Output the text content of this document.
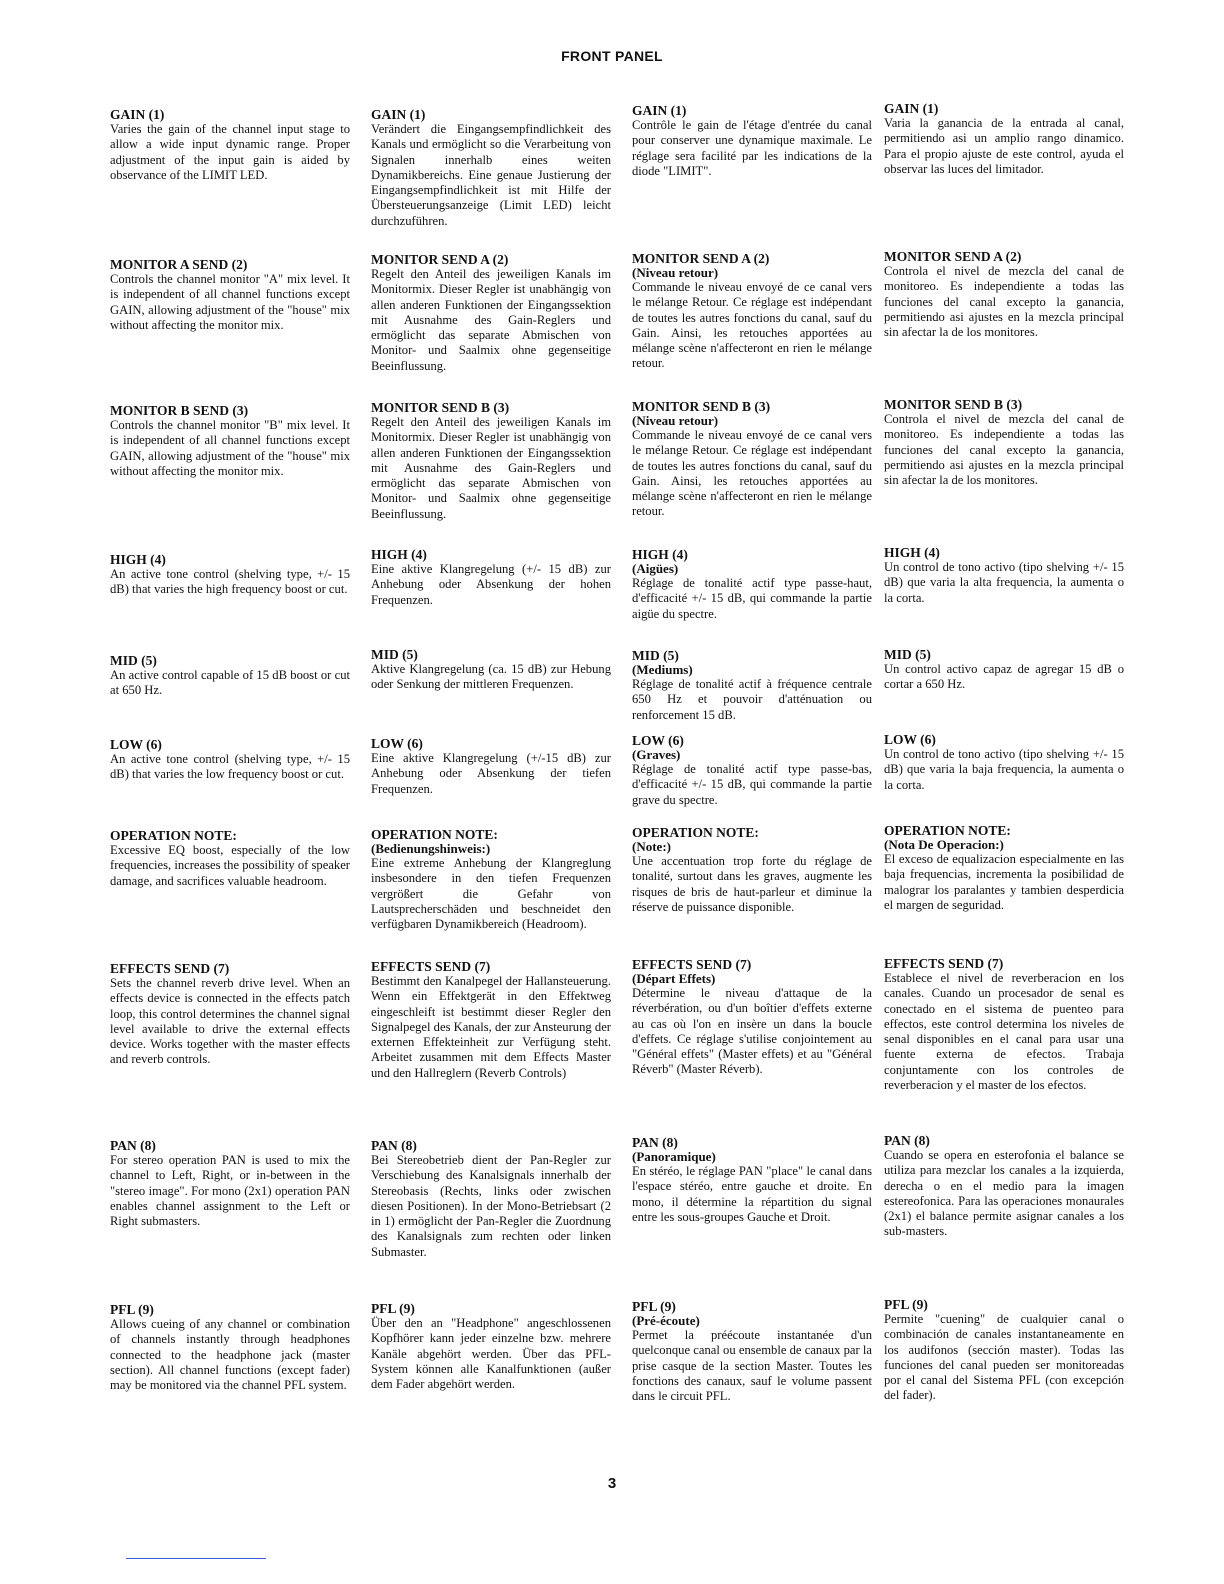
FRONT PANEL
GAIN (1)
Varies the gain of the channel input stage to allow a wide input dynamic range. Proper adjustment of the input gain is aided by observance of the LIMIT LED.
MONITOR A SEND (2)
Controls the channel monitor "A" mix level. It is independent of all channel functions except GAIN, allowing adjustment of the "house" mix without affecting the monitor mix.
MONITOR B SEND (3)
Controls the channel monitor "B" mix level. It is independent of all channel functions except GAIN, allowing adjustment of the "house" mix without affecting the monitor mix.
HIGH (4)
An active tone control (shelving type, +/- 15 dB) that varies the high frequency boost or cut.
MID (5)
An active control capable of 15 dB boost or cut at 650 Hz.
LOW (6)
An active tone control (shelving type, +/- 15 dB) that varies the low frequency boost or cut.
OPERATION NOTE:
Excessive EQ boost, especially of the low frequencies, increases the possibility of speaker damage, and sacrifices valuable headroom.
EFFECTS SEND (7)
Sets the channel reverb drive level. When an effects device is connected in the effects patch loop, this control determines the channel signal level available to drive the external effects device. Works together with the master effects and reverb controls.
PAN (8)
For stereo operation PAN is used to mix the channel to Left, Right, or in-between in the "stereo image". For mono (2x1) operation PAN enables channel assignment to the Left or Right submasters.
PFL (9)
Allows cueing of any channel or combination of channels instantly through headphones connected to the headphone jack (master section). All channel functions (except fader) may be monitored via the channel PFL system.
GAIN (1)
Verändert die Eingangsempfindlichkeit des Kanals und ermöglicht so die Verarbeitung von Signalen innerhalb eines weiten Dynamikbereichs. Eine genaue Justierung der Eingangsempfindlichkeit ist mit Hilfe der Übersteuerungsanzeige (Limit LED) leicht durchzuführen.
MONITOR SEND A (2)
Regelt den Anteil des jeweiligen Kanals im Monitormix. Dieser Regler ist unabhängig von allen anderen Funktionen der Eingangssektion mit Ausnahme des Gain-Reglers und ermöglicht das separate Abmischen von Monitor- und Saalmix ohne gegenseitige Beeinflussung.
MONITOR SEND B (3)
Regelt den Anteil des jeweiligen Kanals im Monitormix. Dieser Regler ist unabhängig von allen anderen Funktionen der Eingangssektion mit Ausnahme des Gain-Reglers und ermöglicht das separate Abmischen von Monitor- und Saalmix ohne gegenseitige Beeinflussung.
HIGH (4)
Eine aktive Klangregelung (+/- 15 dB) zur Anhebung oder Absenkung der hohen Frequenzen.
MID (5)
Aktive Klangregelung (ca. 15 dB) zur Hebung oder Senkung der mittleren Frequenzen.
LOW (6)
Eine aktive Klangregelung (+/-15 dB) zur Anhebung oder Absenkung der tiefen Frequenzen.
OPERATION NOTE:
(Bedienungshinweis:)
Eine extreme Anhebung der Klangreglung insbesondere in den tiefen Frequenzen vergrößert die Gefahr von Lautsprecherschäden und beschneidet den verfügbaren Dynamikbereich (Headroom).
EFFECTS SEND (7)
Bestimmt den Kanalpegel der Hallansteuerung. Wenn ein Effektgerät in den Effektweg eingeschleift ist bestimmt dieser Regler den Signalpegel des Kanals, der zur Ansteurung der externen Effekteinheit zur Verfügung steht. Arbeitet zusammen mit dem Effects Master und den Hallreglern (Reverb Controls)
PAN (8)
Bei Stereobetrieb dient der Pan-Regler zur Verschiebung des Kanalsignals innerhalb der Stereobasis (Rechts, links oder zwischen diesen Positionen). In der Mono-Betriebsart (2 in 1) ermöglicht der Pan-Regler die Zuordnung des Kanalsignals zum rechten oder linken Submaster.
PFL (9)
Über den an "Headphone" angeschlossenen Kopfhörer kann jeder einzelne bzw. mehrere Kanäle abgehört werden. Über das PFL-System können alle Kanalfunktionen (außer dem Fader abgehört werden.
GAIN (1)
Contrôle le gain de l'étage d'entrée du canal pour conserver une dynamique maximale. Le réglage sera facilité par les indications de la diode "LIMIT".
MONITOR SEND A (2)
(Niveau retour)
Commande le niveau envoyé de ce canal vers le mélange Retour. Ce réglage est indépendant de toutes les autres fonctions du canal, sauf du Gain. Ainsi, les retouches apportées au mélange scène n'affecteront en rien le mélange retour.
MONITOR SEND B (3)
(Niveau retour)
Commande le niveau envoyé de ce canal vers le mélange Retour. Ce réglage est indépendant de toutes les autres fonctions du canal, sauf du Gain. Ainsi, les retouches apportées au mélange scène n'affecteront en rien le mélange retour.
HIGH (4)
(Aigües)
Réglage de tonalité actif type passe-haut, d'efficacité +/- 15 dB, qui commande la partie aigüe du spectre.
MID (5)
(Mediums)
Réglage de tonalité actif à fréquence centrale 650 Hz et pouvoir d'atténuation ou renforcement 15 dB.
LOW (6)
(Graves)
Réglage de tonalité actif type passe-bas, d'efficacité +/- 15 dB, qui commande la partie grave du spectre.
OPERATION NOTE:
(Note:)
Une accentuation trop forte du réglage de tonalité, surtout dans les graves, augmente les risques de bris de haut-parleur et diminue la réserve de puissance disponible.
EFFECTS SEND (7)
(Départ Effets)
Détermine le niveau d'attaque de la réverbération, ou d'un boîtier d'effets externe au cas où l'on en insère un dans la boucle d'effets. Ce réglage s'utilise conjointement au "Général effets" (Master effets) et au "Général Réverb" (Master Réverb).
PAN (8)
(Panoramique)
En stéréo, le réglage PAN "place" le canal dans l'espace stéréo, entre gauche et droite. En mono, il détermine la répartition du signal entre les sous-groupes Gauche et Droit.
PFL (9)
(Pré-écoute)
Permet la préécoute instantanée d'un quelconque canal ou ensemble de canaux par la prise casque de la section Master. Toutes les fonctions des canaux, sauf le volume passent dans le circuit PFL.
GAIN (1)
Varia la ganancia de la entrada al canal, permitiendo asi un amplio rango dinamico. Para el propio ajuste de este control, ayuda el observar las luces del limitador.
MONITOR SEND A (2)
Controla el nivel de mezcla del canal de monitoreo. Es independiente a todas las funciones del canal excepto la ganancia, permitiendo asi ajustes en la mezcla principal sin afectar la de los monitores.
MONITOR SEND B (3)
Controla el nivel de mezcla del canal de monitoreo. Es independiente a todas las funciones del canal excepto la ganancia, permitiendo asi ajustes en la mezcla principal sin afectar la de los monitores.
HIGH (4)
Un control de tono activo (tipo shelving +/- 15 dB) que varia la alta frequencia, la aumenta o la corta.
MID (5)
Un control activo capaz de agregar 15 dB o cortar a 650 Hz.
LOW (6)
Un control de tono activo (tipo shelving +/- 15 dB) que varia la baja frequencia, la aumenta o la corta.
OPERATION NOTE:
(Nota De Operacion:)
El exceso de equalizacion especialmente en las baja frequencias, incrementa la posibilidad de malograr los paralantes y tambien desperdicia el margen de seguridad.
EFFECTS SEND (7)
Establece el nivel de reverberacion en los canales. Cuando un procesador de senal es conectado en el sistema de puenteo para effectos, este control determina los niveles de senal disponibles en el canal para usar una fuente externa de efectos. Trabaja conjuntamente con los controles de reverberacion y el master de los efectos.
PAN (8)
Cuando se opera en esterofonia el balance se utiliza para mezclar los canales a la izquierda, derecha o en el medio para la imagen estereofonica. Para las operaciones monaurales (2x1) el balance permite asignar canales a los sub-masters.
PFL (9)
Permite "cuening" de cualquier canal o combinación de canales instantaneamente en los audifonos (sección master). Todas las funciones del canal pueden ser monitoreadas por el canal del Sistema PFL (con excepción del fader).
3
